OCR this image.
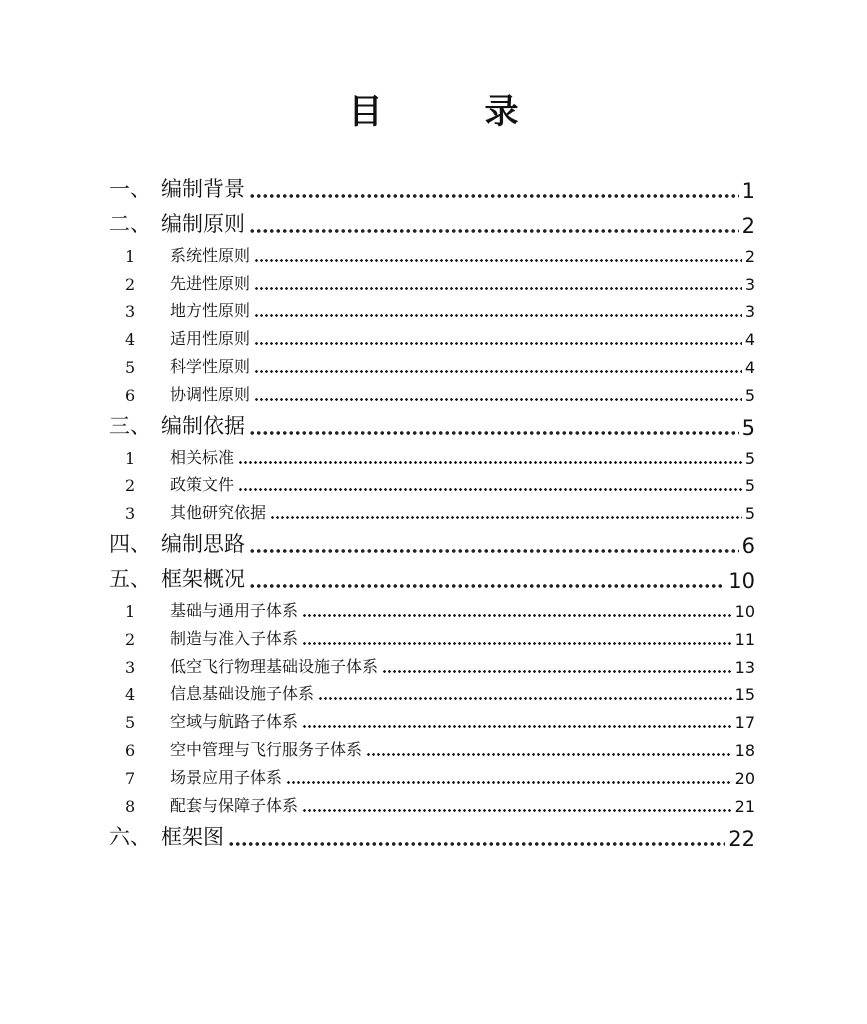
目　录
一、 编制背景	1
二、 编制原则	2
1	系统性原则	2
2	先进性原则	3
3	地方性原则	3
4	适用性原则	4
5	科学性原则	4
6	协调性原则	5
三、 编制依据	5
1	相关标准	5
2	政策文件	5
3	其他研究依据	5
四、 编制思路	6
五、 框架概况	10
1	基础与通用子体系	10
2	制造与准入子体系	11
3	低空飞行物理基础设施子体系	13
4	信息基础设施子体系	15
5	空域与航路子体系	17
6	空中管理与飞行服务子体系	18
7	场景应用子体系	20
8	配套与保障子体系	21
六、 框架图	22
